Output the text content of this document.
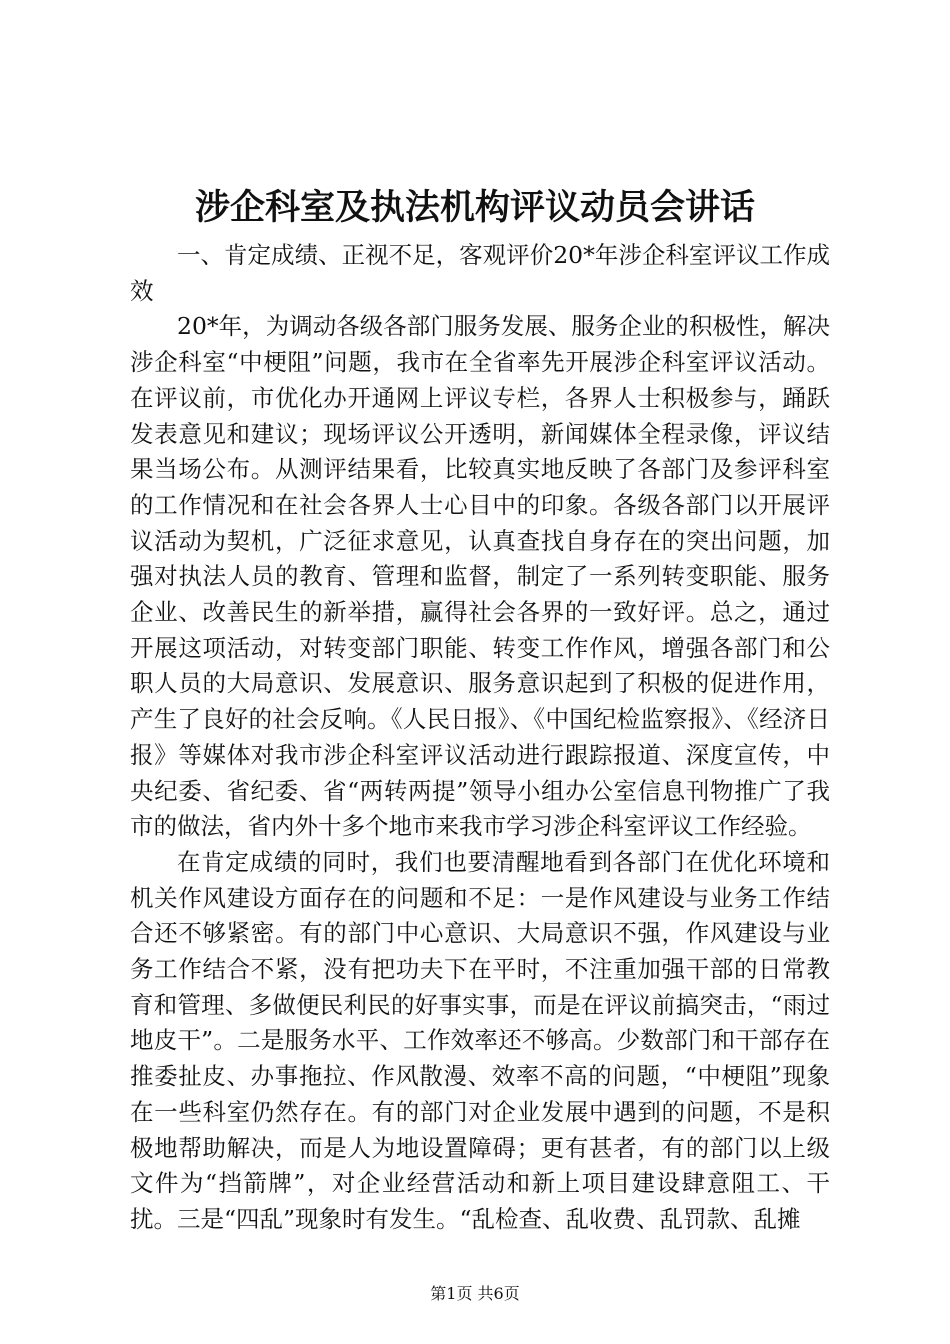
涉企科室及执法机构评议动员会讲话

一、肯定成绩、正视不足，客观评价20*年涉企科室评议工作成效

20*年，为调动各级各部门服务发展、服务企业的积极性，解决涉企科室“中梗阻”问题，我市在全省率先开展涉企科室评议活动。在评议前，市优化办开通网上评议专栏，各界人士积极参与，踊跃发表意见和建议；现场评议公开透明，新闻媒体全程录像，评议结果当场公布。从测评结果看，比较真实地反映了各部门及参评科室的工作情况和在社会各界人士心目中的印象。各级各部门以开展评议活动为契机，广泛征求意见，认真查找自身存在的突出问题，加强对执法人员的教育、管理和监督，制定了一系列转变职能、服务企业、改善民生的新举措，赢得社会各界的一致好评。总之，通过开展这项活动，对转变部门职能、转变工作作风，增强各部门和公职人员的大局意识、发展意识、服务意识起到了积极的促进作用，产生了良好的社会反响。《人民日报》、《中国纪检监察报》、《经济日报》等媒体对我市涉企科室评议活动进行跟踪报道、深度宣传，中央纪委、省纪委、省“两转两提”领导小组办公室信息刊物推广了我市的做法，省内外十多个地市来我市学习涉企科室评议工作经验。

在肯定成绩的同时，我们也要清醒地看到各部门在优化环境和机关作风建设方面存在的问题和不足：一是作风建设与业务工作结合还不够紧密。有的部门中心意识、大局意识不强，作风建设与业务工作结合不紧，没有把功夫下在平时，不注重加强干部的日常教育和管理、多做便民利民的好事实事，而是在评议前搞突击，“雨过地皮干”。二是服务水平、工作效率还不够高。少数部门和干部存在推委扯皮、办事拖拉、作风散漫、效率不高的问题，“中梗阻”现象在一些科室仍然存在。有的部门对企业发展中遇到的问题，不是积极地帮助解决，而是人为地设置障碍；更有甚者，有的部门以上级文件为“挡箭牌”，对企业经营活动和新上项目建设肆意阻工、干扰。三是“四乱”现象时有发生。“乱检查、乱收费、乱罚款、乱摊

第1页 共6页
